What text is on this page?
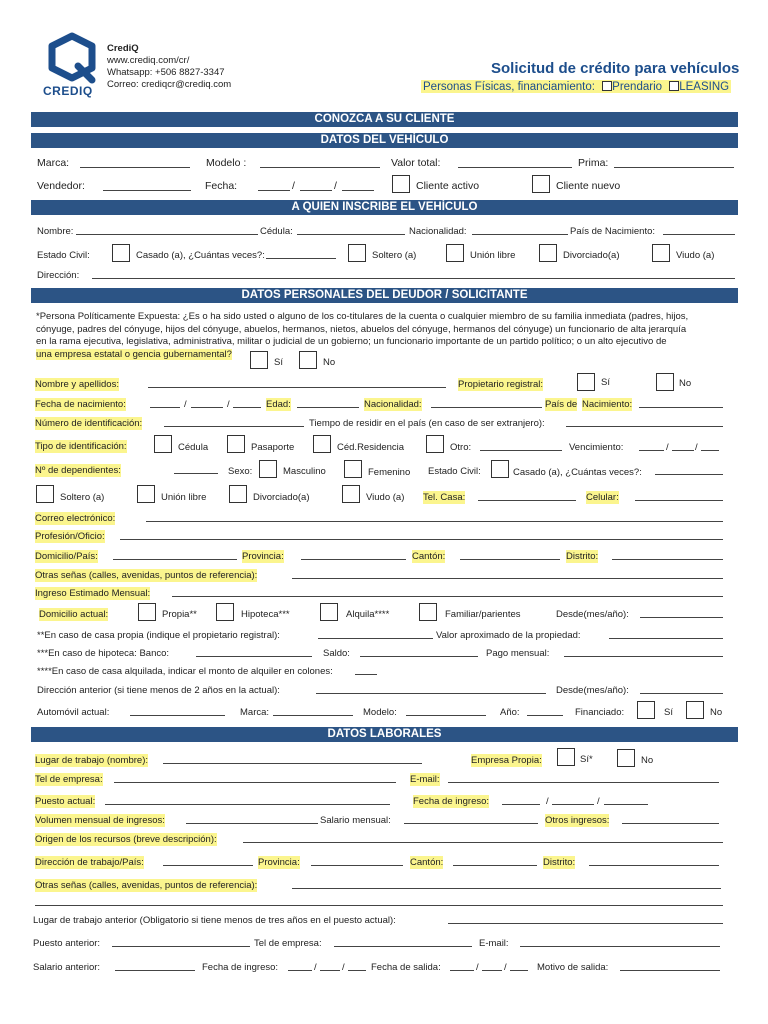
CREDIQ
CrediQ
www.crediq.com/cr/
Whatsapp: +506 8827-3347
Correo: crediqcr@crediq.com
Solicitud de crédito para vehículos
Personas Físicas, financiamiento: Prendario LEASING
CONOZCA A SU CLIENTE
DATOS DEL VEHÍCULO
Marca:	Modelo :	Valor total:	Prima:
Vendedor:	Fecha:	/	/	Cliente activo	Cliente nuevo
A QUIEN INSCRIBE EL VEHÍCULO
Nombre:	Cédula:	Nacionalidad:	País de Nacimiento:
Estado Civil:	Casado (a), ¿Cuántas veces?:	Soltero (a)	Unión libre	Divorciado(a)	Viudo (a)
Dirección:
DATOS PERSONALES DEL DEUDOR / SOLICITANTE
*Persona Políticamente Expuesta: ¿Es o ha sido usted o alguno de los co-titulares de la cuenta o cualquier miembro de su familia inmediata (padres, hijos,
cónyuge, padres del cónyuge, hijos del cónyuge, abuelos, hermanos, nietos, abuelos del cónyuge, hermanos del cónyuge) un funcionario de alta jerarquía
en la rama ejecutiva, legislativa, administrativa, militar o judicial de un gobierno; un funcionario importante de un partido político; o un alto ejecutivo de
una empresa estatal o gencia gubernamental?
Sí	No
Nombre y apellidos:	Propietario registral:	Sí	No
Fecha de nacimiento:	/	/	Edad:	Nacionalidad:	País de Nacimiento:
Número de identificación:	Tiempo de residir en el país (en caso de ser extranjero):
Tipo de identificación:	Cédula	Pasaporte	Céd.Residencia	Otro:	Vencimiento:	/	/
Nº de dependientes:	Sexo:	Masculino	Femenino Estado Civil:	Casado (a), ¿Cuántas veces?:
Soltero (a)	Unión libre	Divorciado(a)	Viudo (a) Tel. Casa:	Celular:
Correo electrónico:
Profesión/Oficio:
Domicilio/País:	Provincia:	Cantón:	Distrito:
Otras señas (calles, avenidas, puntos de referencia):
Ingreso Estimado Mensual:
Domicilio actual:	Propia**	Hipoteca***	Alquila****	Familiar/parientes	Desde(mes/año):
**En caso de casa propia (indique el propietario registral):	Valor aproximado de la propiedad:
***En caso de hipoteca: Banco:	Saldo:	Pago mensual:
****En caso de casa alquilada, indicar el monto de alquiler en colones:
Dirección anterior (si tiene menos de 2 años en la actual):	Desde(mes/año):
Automóvil actual:	Marca:	Modelo:	Año:	Financiado:	Sí	No
DATOS LABORALES
Lugar de trabajo (nombre):	Empresa Propia:	Sí*	No
Tel de empresa:	E-mail:
Puesto actual:	Fecha de ingreso:	/	/
Volumen mensual de ingresos:	Salario mensual:	Otros ingresos:
Origen de los recursos (breve descripción):
Dirección de trabajo/País:	Provincia:	Cantón:	Distrito:
Otras señas (calles, avenidas, puntos de referencia):
Lugar de trabajo anterior (Obligatorio si tiene menos de tres años en el puesto actual):
Puesto anterior:	Tel de empresa:	E-mail:
Salario anterior:	Fecha de ingreso:	/	/	Fecha de salida:	/	/	Motivo de salida:
